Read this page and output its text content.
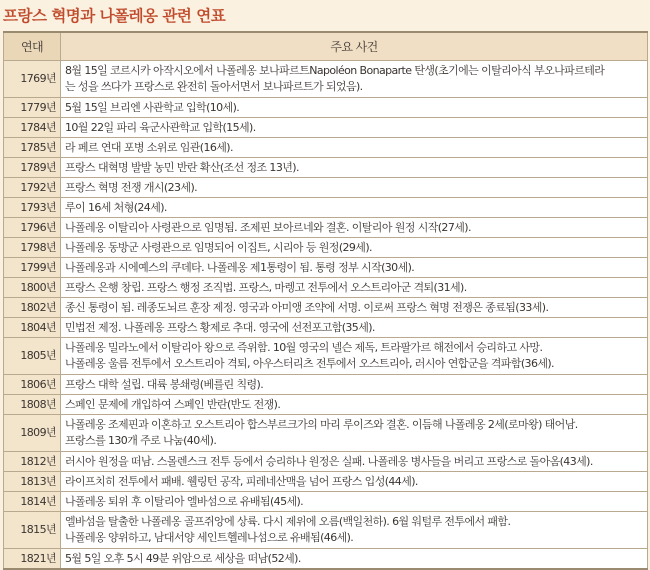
프랑스 혁명과 나폴레옹 관련 연표
연대	주요 사건
1769년	8월 15일 코르시카 아작시오에서 나폴레옹 보나파르트Napoléon Bonaparte 탄생(초기에는 이탈리아식 부오나파르테라
는 성을 쓰다가 프랑스로 완전히 돌아서면서 보나파르트가 되었음).

1779년	5월 15일 브리엔 사관학교 입학(10세).

1784년	10월 22일 파리 육군사관학교 입학(15세).

1785년	라 페르 연대 포병 소위로 임관(16세).

1789년	프랑스 대혁명 발발 농민 반란 확산(조선 정조 13년).

1792년	프랑스 혁명 전쟁 개시(23세).

1793년	루이 16세 처형(24세).

1796년	나폴레옹 이탈리아 사령관으로 임명됨. 조제핀 보아르네와 결혼. 이탈리아 원정 시작(27세).

1798년	나폴레옹 동방군 사령관으로 임명되어 이집트, 시리아 등 원정(29세).

1799년	나폴레옹과 시에예스의 쿠데타. 나폴레옹 제1통령이 됨. 통령 정부 시작(30세).

1800년	프랑스 은행 창립. 프랑스 행정 조직법. 프랑스, 마렝고 전투에서 오스트리아군 격퇴(31세).

1802년	종신 통령이 됨. 레종도뇌르 훈장 제정. 영국과 아미앵 조약에 서명. 이로써 프랑스 혁명 전쟁은 종료됨(33세).

1804년	민법전 제정. 나폴레옹 프랑스 황제로 추대. 영국에 선전포고함(35세).

1805년	나폴레옹 밀라노에서 이탈리아 왕으로 즉위함. 10월 영국의 넬슨 제독, 트라팔가르 해전에서 승리하고 사망.
나폴레옹 울름 전투에서 오스트리아 격퇴, 아우스터리츠 전투에서 오스트리아, 러시아 연합군을 격파함(36세).

1806년	프랑스 대학 설립. 대륙 봉쇄령(베를린 칙령).

1808년	스페인 문제에 개입하여 스페인 반란(반도 전쟁).

1809년	나폴레옹 조제핀과 이혼하고 오스트리아 합스부르크가의 마리 루이즈와 결혼. 이듬해 나폴레옹 2세(로마왕) 태어남.
프랑스를 130개 주로 나눔(40세).

1812년	러시아 원정을 떠남. 스몰렌스크 전투 등에서 승리하나 원정은 실패. 나폴레옹 병사들을 버리고 프랑스로 돌아옴(43세).

1813년	라이프치히 전투에서 패배. 웰링턴 공작, 피레네산맥을 넘어 프랑스 입성(44세).

1814년	나폴레옹 퇴위 후 이탈리아 엘바섬으로 유배됨(45세).

1815년	엘바섬을 탈출한 나폴레옹 골프쥐앙에 상륙. 다시 제위에 오름(백일천하). 6월 워털루 전투에서 패함.
나폴레옹 양위하고, 남대서양 세인트헬레나섬으로 유배됨(46세).

1821년	5월 5일 오후 5시 49분 위암으로 세상을 떠남(52세).
